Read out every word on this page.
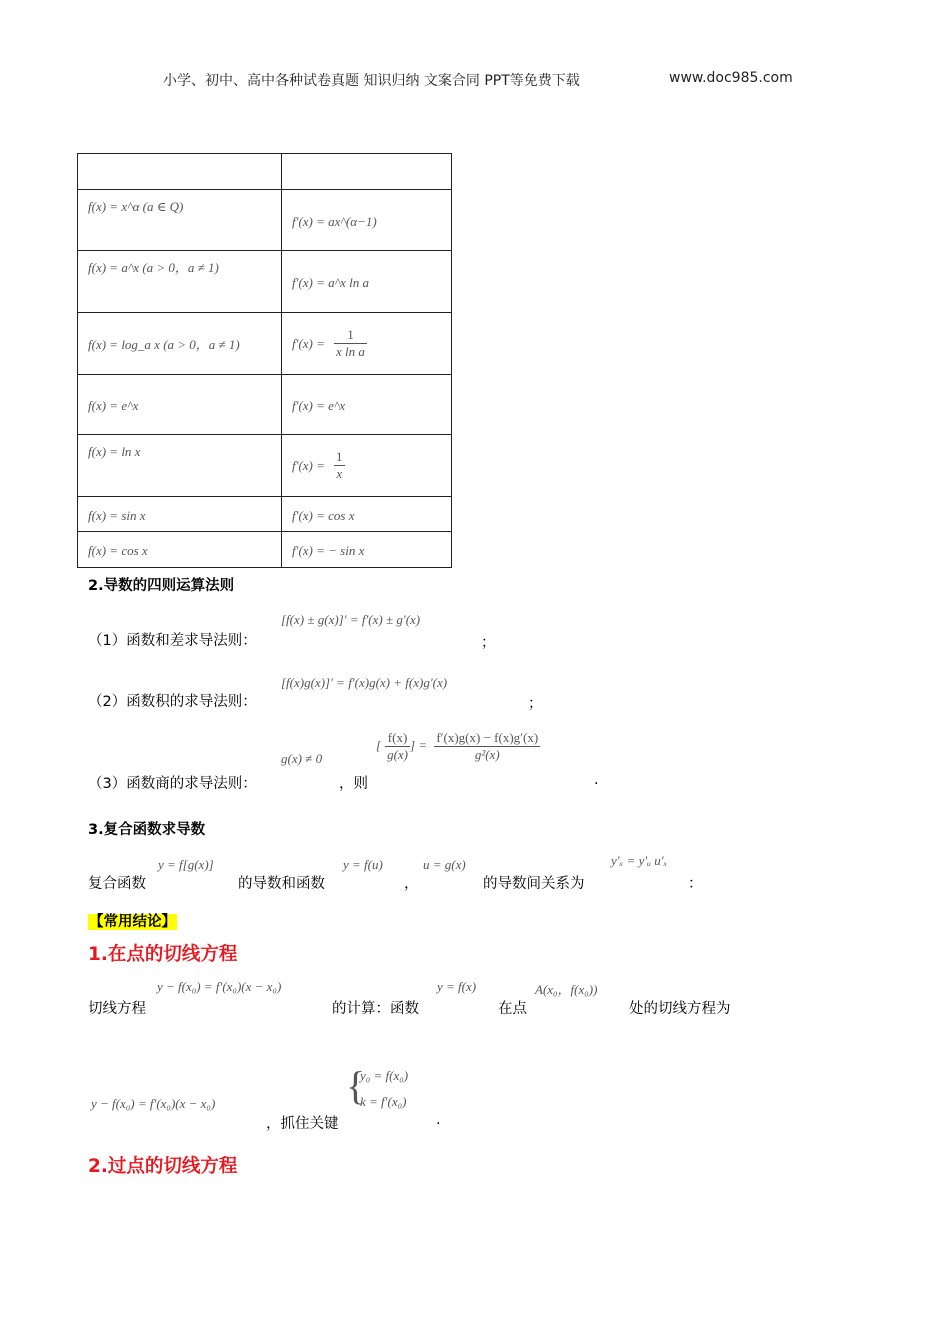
小学、初中、高中各种试卷真题 知识归纳 文案合同 PPT等免费下载	www.doc985.com

f(x) = x^α (a ∈ Q)	f′(x) = ax^(α−1)
f(x) = a^x (a > 0，a ≠ 1)	f′(x) = a^x ln a
f(x) = log_a x (a > 0，a ≠ 1)	$f'(x) = \frac{1}{\text{x ln a}}$

f(x) = e^x	f′(x) = e^x
f(x) = ln x	$f'(x) = \frac{1}{x}$

f(x) = sin x	f′(x) = cos x
f(x) = cos x	f′(x) = − sin x
2.导数的四则运算法则
（1）函数和差求导法则：
[f(x) ± g(x)]′ = f′(x) ± g′(x)
；
（2）函数积的求导法则：
[f(x)g(x)]′ = f′(x)g(x) + f(x)g′(x)
；
（3）函数商的求导法则：
g(x) ≠ 0
，则
[ $\frac{f(x)}{g(x)}$ ] = $\frac{f'(x)g(x) - f(x)g'(x)}{\text{g²(x)}}$
.
3.复合函数求导数
复合函数
y = f[g(x)]
的导数和函数
y = f(u)
，
u = g(x)
的导数间关系为
y′ₓ = y′ᵤ u′ₓ
：
【常用结论】
1.在点的切线方程
切线方程
y − f(x₀) = f′(x₀)(x − x₀)
的计算：函数
y = f(x)
在点
A(x₀，f(x₀))
处的切线方程为
y − f(x₀) = f′(x₀)(x − x₀)
，抓住关键
{
y₀ = f(x₀)
k = f′(x₀)
.
2.过点的切线方程
